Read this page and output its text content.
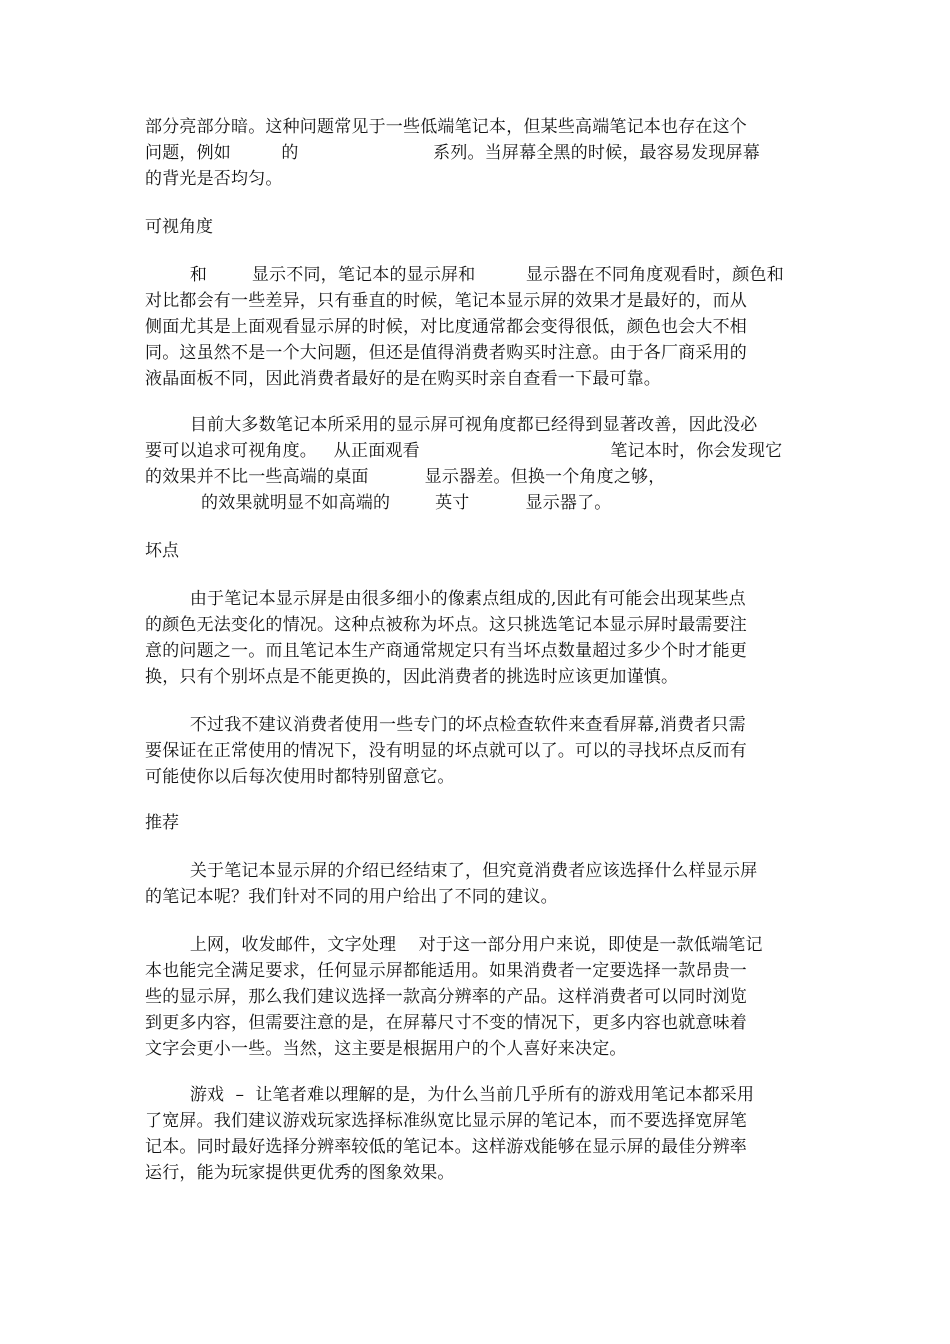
部分亮部分暗。这种问题常见于一些低端笔记本，但某些高端笔记本也存在这个
问题，例如         的                        系列。当屏幕全黑的时候，最容易发现屏幕
的背光是否均匀。
可视角度
和        显示不同，笔记本的显示屏和         显示器在不同角度观看时，颜色和
对比都会有一些差异，只有垂直的时候，笔记本显示屏的效果才是最好的，而从
侧面尤其是上面观看显示屏的时候，对比度通常都会变得很低，颜色也会大不相
同。这虽然不是一个大问题，但还是值得消费者购买时注意。由于各厂商采用的
液晶面板不同，因此消费者最好的是在购买时亲自查看一下最可靠。
目前大多数笔记本所采用的显示屏可视角度都已经得到显著改善，因此没必
要可以追求可视角度。   从正面观看                                  笔记本时，你会发现它
的效果并不比一些高端的桌面          显示器差。但换一个角度之够，
的效果就明显不如高端的        英寸          显示器了。
坏点
由于笔记本显示屏是由很多细小的像素点组成的,因此有可能会出现某些点
的颜色无法变化的情况。这种点被称为坏点。这只挑选笔记本显示屏时最需要注
意的问题之一。而且笔记本生产商通常规定只有当坏点数量超过多少个时才能更
换，只有个别坏点是不能更换的，因此消费者的挑选时应该更加谨慎。
不过我不建议消费者使用一些专门的坏点检查软件来查看屏幕,消费者只需
要保证在正常使用的情况下，没有明显的坏点就可以了。可以的寻找坏点反而有
可能使你以后每次使用时都特别留意它。
推荐
关于笔记本显示屏的介绍已经结束了，但究竟消费者应该选择什么样显示屏
的笔记本呢？我们针对不同的用户给出了不同的建议。
上网，收发邮件，文字处理    对于这一部分用户来说，即使是一款低端笔记
本也能完全满足要求，任何显示屏都能适用。如果消费者一定要选择一款昂贵一
些的显示屏，那么我们建议选择一款高分辨率的产品。这样消费者可以同时浏览
到更多内容，但需要注意的是，在屏幕尺寸不变的情况下，更多内容也就意味着
文字会更小一些。当然，这主要是根据用户的个人喜好来决定。
游戏  –  让笔者难以理解的是，为什么当前几乎所有的游戏用笔记本都采用
了宽屏。我们建议游戏玩家选择标准纵宽比显示屏的笔记本，而不要选择宽屏笔
记本。同时最好选择分辨率较低的笔记本。这样游戏能够在显示屏的最佳分辨率
运行，能为玩家提供更优秀的图象效果。
